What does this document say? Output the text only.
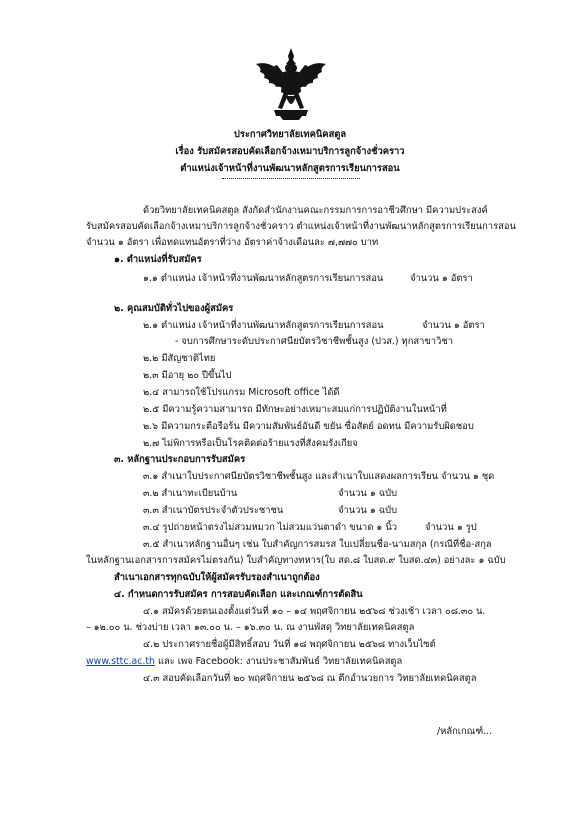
ประกาศวิทยาลัยเทคนิคสตูล
เรื่อง รับสมัครสอบคัดเลือกจ้างเหมาบริการลูกจ้างชั่วคราว
ตำแหน่งเจ้าหน้าที่งานพัฒนาหลักสูตรการเรียนการสอน
ด้วยวิทยาลัยเทคนิคสตูล สังกัดสำนักงานคณะกรรมการการอาชีวศึกษา มีความประสงค์
รับสมัครสอบคัดเลือกจ้างเหมาบริการลูกจ้างชั่วคราว ตำแหน่งเจ้าหน้าที่งานพัฒนาหลักสูตรการเรียนการสอน
จำนวน ๑ อัตรา เพื่อทดแทนอัตราที่ว่าง อัตราค่าจ้างเดือนละ ๗,๗๗๐ บาท
๑. ตำแหน่งที่รับสมัคร
๑.๑ ตำแหน่ง เจ้าหน้าที่งานพัฒนาหลักสูตรการเรียนการสอน	จำนวน ๑ อัตรา
๒. คุณสมบัติทั่วไปของผู้สมัคร
๒.๑ ตำแหน่ง เจ้าหน้าที่งานพัฒนาหลักสูตรการเรียนการสอน	จำนวน ๑ อัตรา
- จบการศึกษาระดับประกาศนียบัตรวิชาชีพชั้นสูง (ปวส.) ทุกสาขาวิชา
๒.๒ มีสัญชาติไทย
๒.๓ มีอายุ ๒๐ ปีขึ้นไป
๒.๔ สามารถใช้โปรแกรม Microsoft office ได้ดี
๒.๕ มีความรู้ความสามารถ มีทักษะอย่างเหมาะสมแก่การปฏิบัติงานในหน้าที่
๒.๖ มีความกระตือรือร้น มีความสัมพันธ์อันดี ขยัน ซื่อสัตย์ อดทน มีความรับผิดชอบ
๒.๗ ไม่พิการหรือเป็นโรคติดต่อร้ายแรงที่สังคมรังเกียจ
๓. หลักฐานประกอบการรับสมัคร
๓.๑ สำเนาใบประกาศนียบัตรวิชาชีพชั้นสูง และสำเนาใบแสดงผลการเรียน จำนวน ๑ ชุด
๓.๒ สำเนาทะเบียนบ้าน	จำนวน ๑ ฉบับ
๓.๓ สำเนาบัตรประจำตัวประชาชน	จำนวน ๑ ฉบับ
๓.๔ รูปถ่ายหน้าตรงไม่สวมหมวก ไม่สวมแว่นตาดำ ขนาด ๑ นิ้ว	จำนวน ๑ รูป
๓.๕ สำเนาหลักฐานอื่นๆ เช่น ใบสำคัญการสมรส ใบเปลี่ยนชื่อ-นามสกุล (กรณีที่ชื่อ-สกุล
ในหลักฐานเอกสารการสมัครไม่ตรงกัน) ใบสำคัญทางทหาร(ใบ สด.๘ ใบสด.๙ ใบสด.๔๓) อย่างละ ๑ ฉบับ
สำเนาเอกสารทุกฉบับให้ผู้สมัครรับรองสำเนาถูกต้อง
๔. กำหนดการรับสมัคร การสอบคัดเลือก และเกณฑ์การตัดสิน
๔.๑ สมัครด้วยตนเองตั้งแต่วันที่ ๑๐ – ๑๔ พฤศจิกายน ๒๕๖๘ ช่วงเช้า เวลา ๐๘.๓๐ น.
– ๑๒.๐๐ น. ช่วงบ่าย เวลา ๑๓.๐๐ น. – ๑๖.๓๐ น. ณ งานพัสดุ วิทยาลัยเทคนิคสตูล
๔.๒ ประกาศรายชื่อผู้มีสิทธิ์สอบ วันที่ ๑๘ พฤศจิกายน ๒๕๖๘ ทางเว็บไซต์
www.sttc.ac.th และ เพจ Facebook: งานประชาสัมพันธ์ วิทยาลัยเทคนิคสตูล
๔.๓ สอบคัดเลือกวันที่ ๒๐ พฤศจิกายน ๒๕๖๘ ณ ตึกอำนวยการ วิทยาลัยเทคนิคสตูล
/หลักเกณฑ์...
